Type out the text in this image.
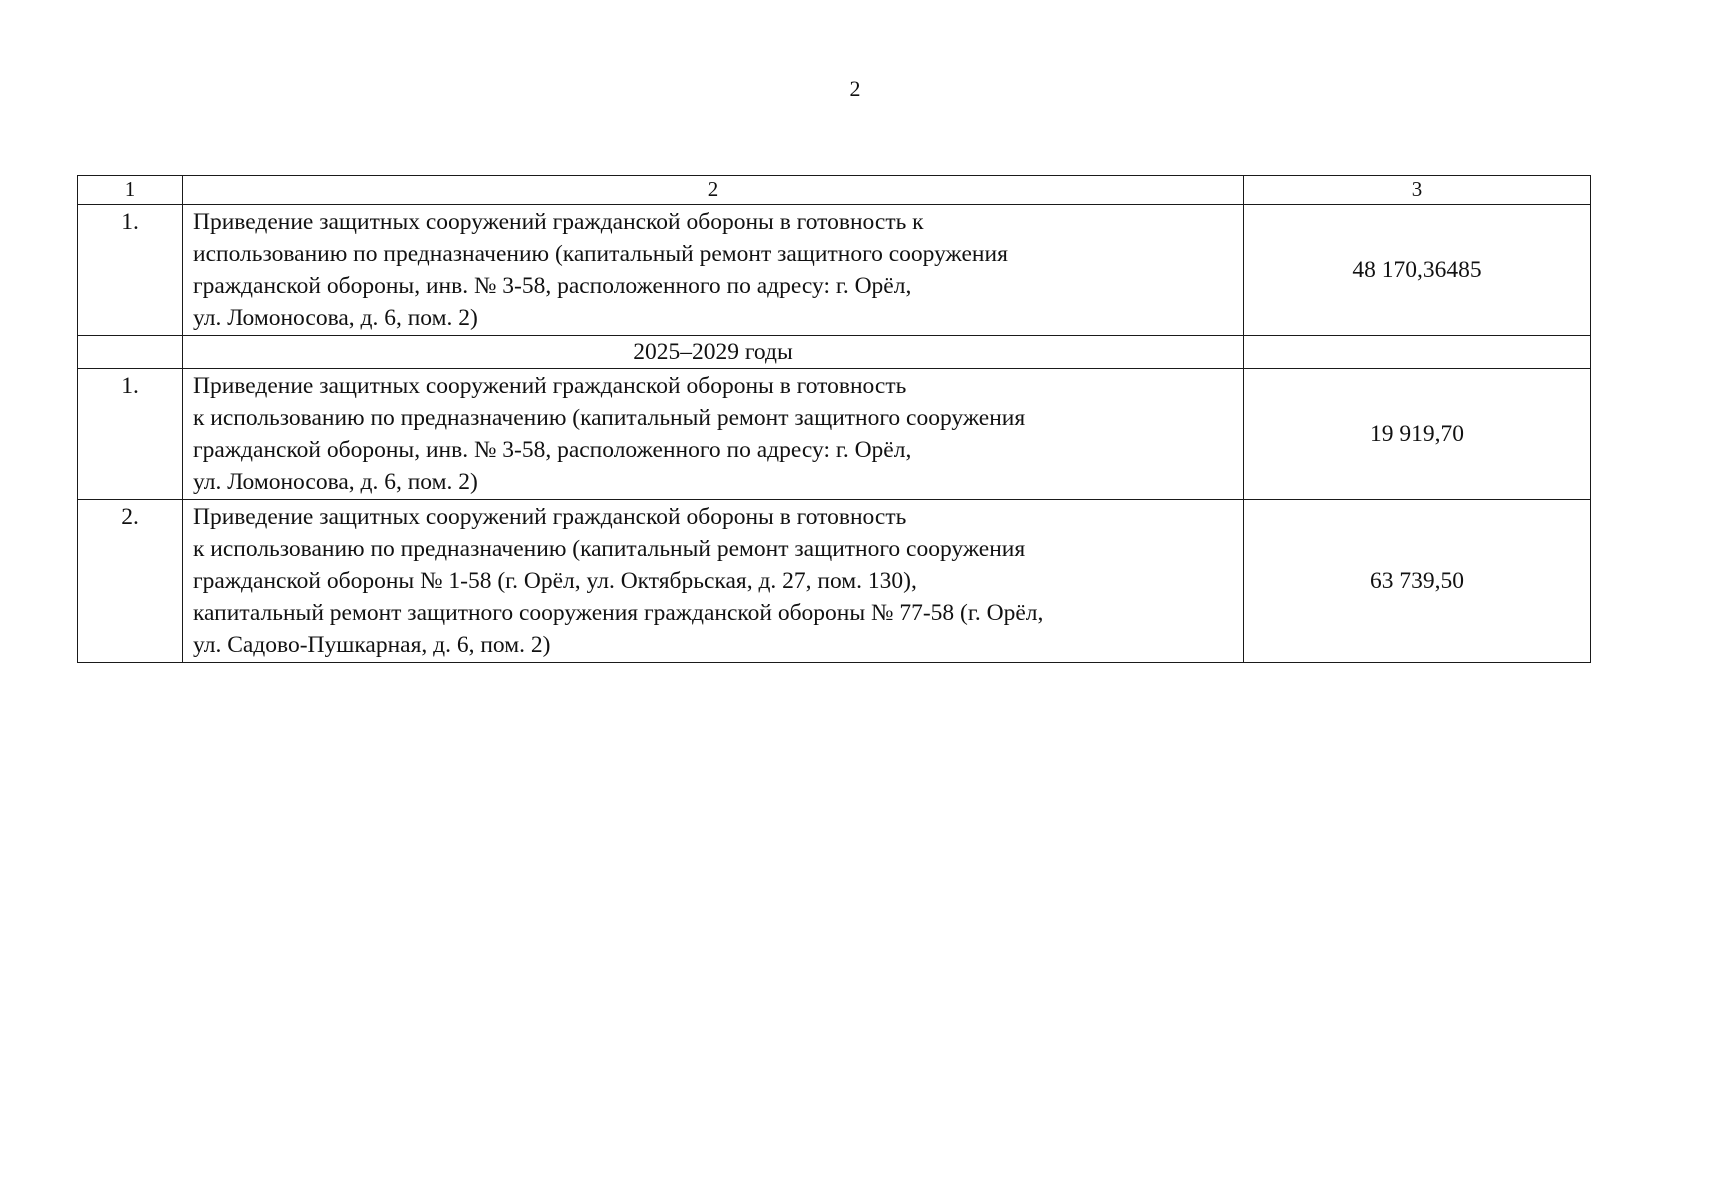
2
1	2	3
1.	Приведение защитных сооружений гражданской обороны в готовность к
использованию по предназначению (капитальный ремонт защитного сооружения
гражданской обороны, инв. № 3-58, расположенного по адресу: г. Орёл,
ул. Ломоносова, д. 6, пом. 2)	48 170,36485
	2025–2029 годы	
1.	Приведение защитных сооружений гражданской обороны в готовность
к использованию по предназначению (капитальный ремонт защитного сооружения
гражданской обороны, инв. № 3-58, расположенного по адресу: г. Орёл,
ул. Ломоносова, д. 6, пом. 2)	19 919,70
2.	Приведение защитных сооружений гражданской обороны в готовность
к использованию по предназначению (капитальный ремонт защитного сооружения
гражданской обороны № 1-58 (г. Орёл, ул. Октябрьская, д. 27, пом. 130),
капитальный ремонт защитного сооружения гражданской обороны № 77-58 (г. Орёл,
ул. Садово-Пушкарная, д. 6, пом. 2)	63 739,50
